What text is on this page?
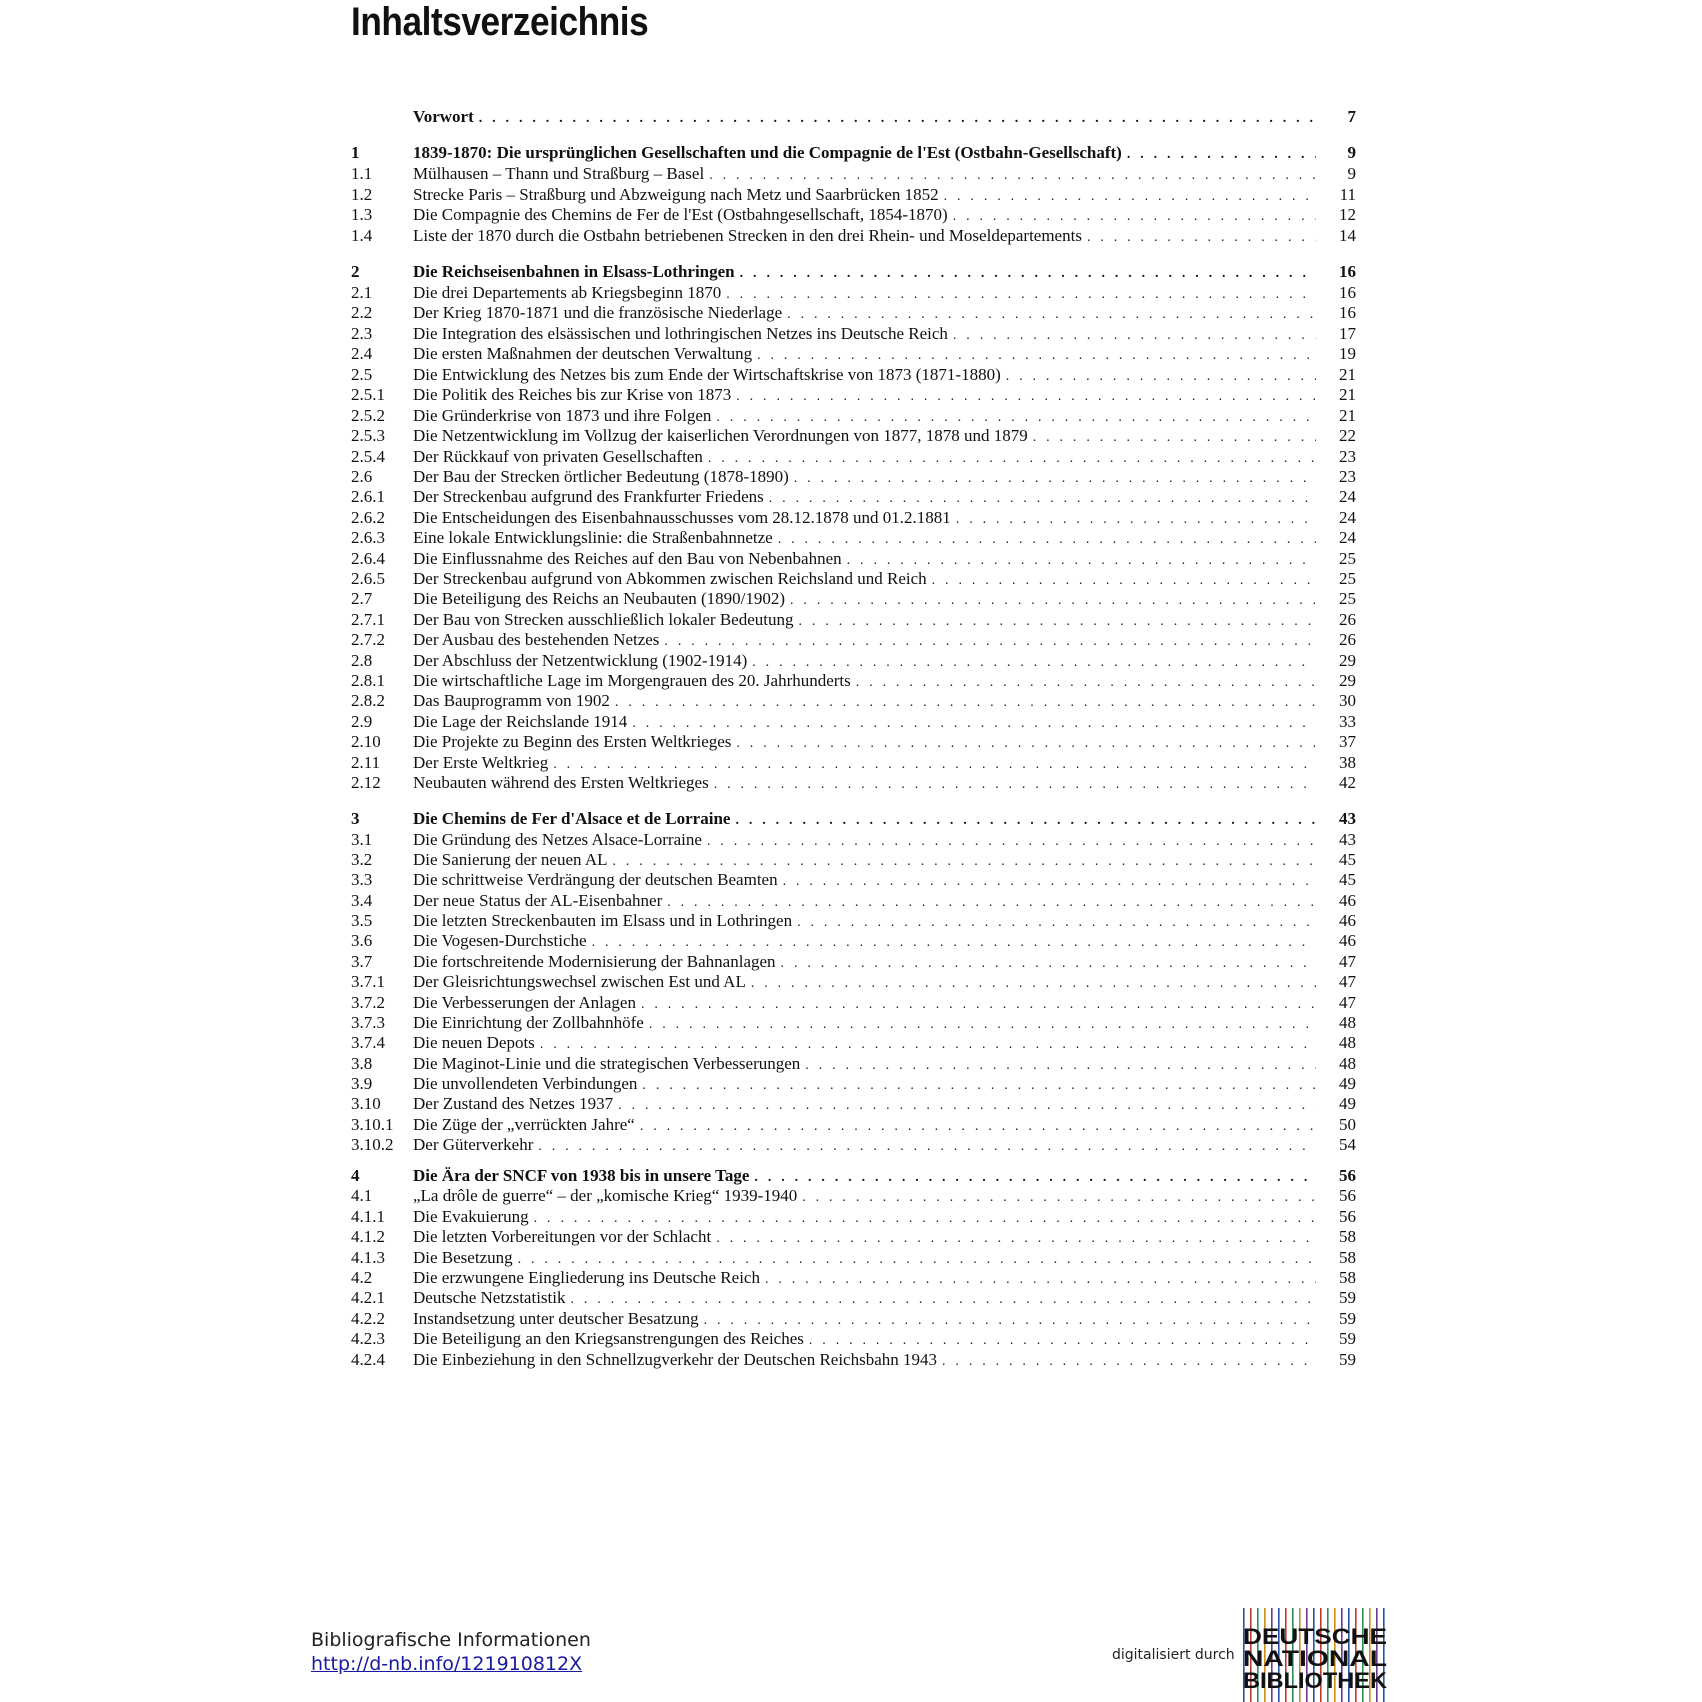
Inhaltsverzeichnis
Vorwort . . .	7
1	1839-1870: Die ursprünglichen Gesellschaften und die Compagnie de l'Est (Ostbahn-Gesellschaft) . . .	9
1.1	Mülhausen – Thann und Straßburg – Basel . . .	9
1.2	Strecke Paris – Straßburg und Abzweigung nach Metz und Saarbrücken 1852 . . .	11
1.3	Die Compagnie des Chemins de Fer de l'Est (Ostbahngesellschaft, 1854-1870) . . .	12
1.4	Liste der 1870 durch die Ostbahn betriebenen Strecken in den drei Rhein- und Moseldepartements . . .	14
2	Die Reichseisenbahnen in Elsass-Lothringen . . .	16
2.1	Die drei Departements ab Kriegsbeginn 1870 . . .	16
2.2	Der Krieg 1870-1871 und die französische Niederlage . . .	16
2.3	Die Integration des elsässischen und lothringischen Netzes ins Deutsche Reich . . .	17
2.4	Die ersten Maßnahmen der deutschen Verwaltung . . .	19
2.5	Die Entwicklung des Netzes bis zum Ende der Wirtschaftskrise von 1873 (1871-1880) . . .	21
2.5.1	Die Politik des Reiches bis zur Krise von 1873 . . .	21
2.5.2	Die Gründerkrise von 1873 und ihre Folgen . . .	21
2.5.3	Die Netzentwicklung im Vollzug der kaiserlichen Verordnungen von 1877, 1878 und 1879 . . .	22
2.5.4	Der Rückkauf von privaten Gesellschaften . . .	23
2.6	Der Bau der Strecken örtlicher Bedeutung (1878-1890) . . .	23
2.6.1	Der Streckenbau aufgrund des Frankfurter Friedens . . .	24
2.6.2	Die Entscheidungen des Eisenbahnausschusses vom 28.12.1878 und 01.2.1881 . . .	24
2.6.3	Eine lokale Entwicklungslinie: die Straßenbahnnetze . . .	24
2.6.4	Die Einflussnahme des Reiches auf den Bau von Nebenbahnen . . .	25
2.6.5	Der Streckenbau aufgrund von Abkommen zwischen Reichsland und Reich . . .	25
2.7	Die Beteiligung des Reichs an Neubauten (1890/1902) . . .	25
2.7.1	Der Bau von Strecken ausschließlich lokaler Bedeutung . . .	26
2.7.2	Der Ausbau des bestehenden Netzes . . .	26
2.8	Der Abschluss der Netzentwicklung (1902-1914) . . .	29
2.8.1	Die wirtschaftliche Lage im Morgengrauen des 20. Jahrhunderts . . .	29
2.8.2	Das Bauprogramm von 1902 . . .	30
2.9	Die Lage der Reichslande 1914 . . .	33
2.10	Die Projekte zu Beginn des Ersten Weltkrieges . . .	37
2.11	Der Erste Weltkrieg . . .	38
2.12	Neubauten während des Ersten Weltkrieges . . .	42
3	Die Chemins de Fer d'Alsace et de Lorraine . . .	43
3.1	Die Gründung des Netzes Alsace-Lorraine . . .	43
3.2	Die Sanierung der neuen AL . . .	45
3.3	Die schrittweise Verdrängung der deutschen Beamten . . .	45
3.4	Der neue Status der AL-Eisenbahner . . .	46
3.5	Die letzten Streckenbauten im Elsass und in Lothringen . . .	46
3.6	Die Vogesen-Durchstiche . . .	46
3.7	Die fortschreitende Modernisierung der Bahnanlagen . . .	47
3.7.1	Der Gleisrichtungswechsel zwischen Est und AL . . .	47
3.7.2	Die Verbesserungen der Anlagen . . .	47
3.7.3	Die Einrichtung der Zollbahnhöfe . . .	48
3.7.4	Die neuen Depots . . .	48
3.8	Die Maginot-Linie und die strategischen Verbesserungen . . .	48
3.9	Die unvollendeten Verbindungen . . .	49
3.10	Der Zustand des Netzes 1937 . . .	49
3.10.1	Die Züge der „verrückten Jahre“ . . .	50
3.10.2	Der Güterverkehr . . .	54
4	Die Ära der SNCF von 1938 bis in unsere Tage . . .	56
4.1	„La drôle de guerre“ – der „komische Krieg“ 1939-1940 . . .	56
4.1.1	Die Evakuierung . . .	56
4.1.2	Die letzten Vorbereitungen vor der Schlacht . . .	58
4.1.3	Die Besetzung . . .	58
4.2	Die erzwungene Eingliederung ins Deutsche Reich . . .	58
4.2.1	Deutsche Netzstatistik . . .	59
4.2.2	Instandsetzung unter deutscher Besatzung . . .	59
4.2.3	Die Beteiligung an den Kriegsanstrengungen des Reiches . . .	59
4.2.4	Die Einbeziehung in den Schnellzugverkehr der Deutschen Reichsbahn 1943 . . .	59
Bibliografische Informationen
http://d-nb.info/121910812X	digitalisiert durch
DEUTSCHE
NATIONAL
BIBLIOTHEK
